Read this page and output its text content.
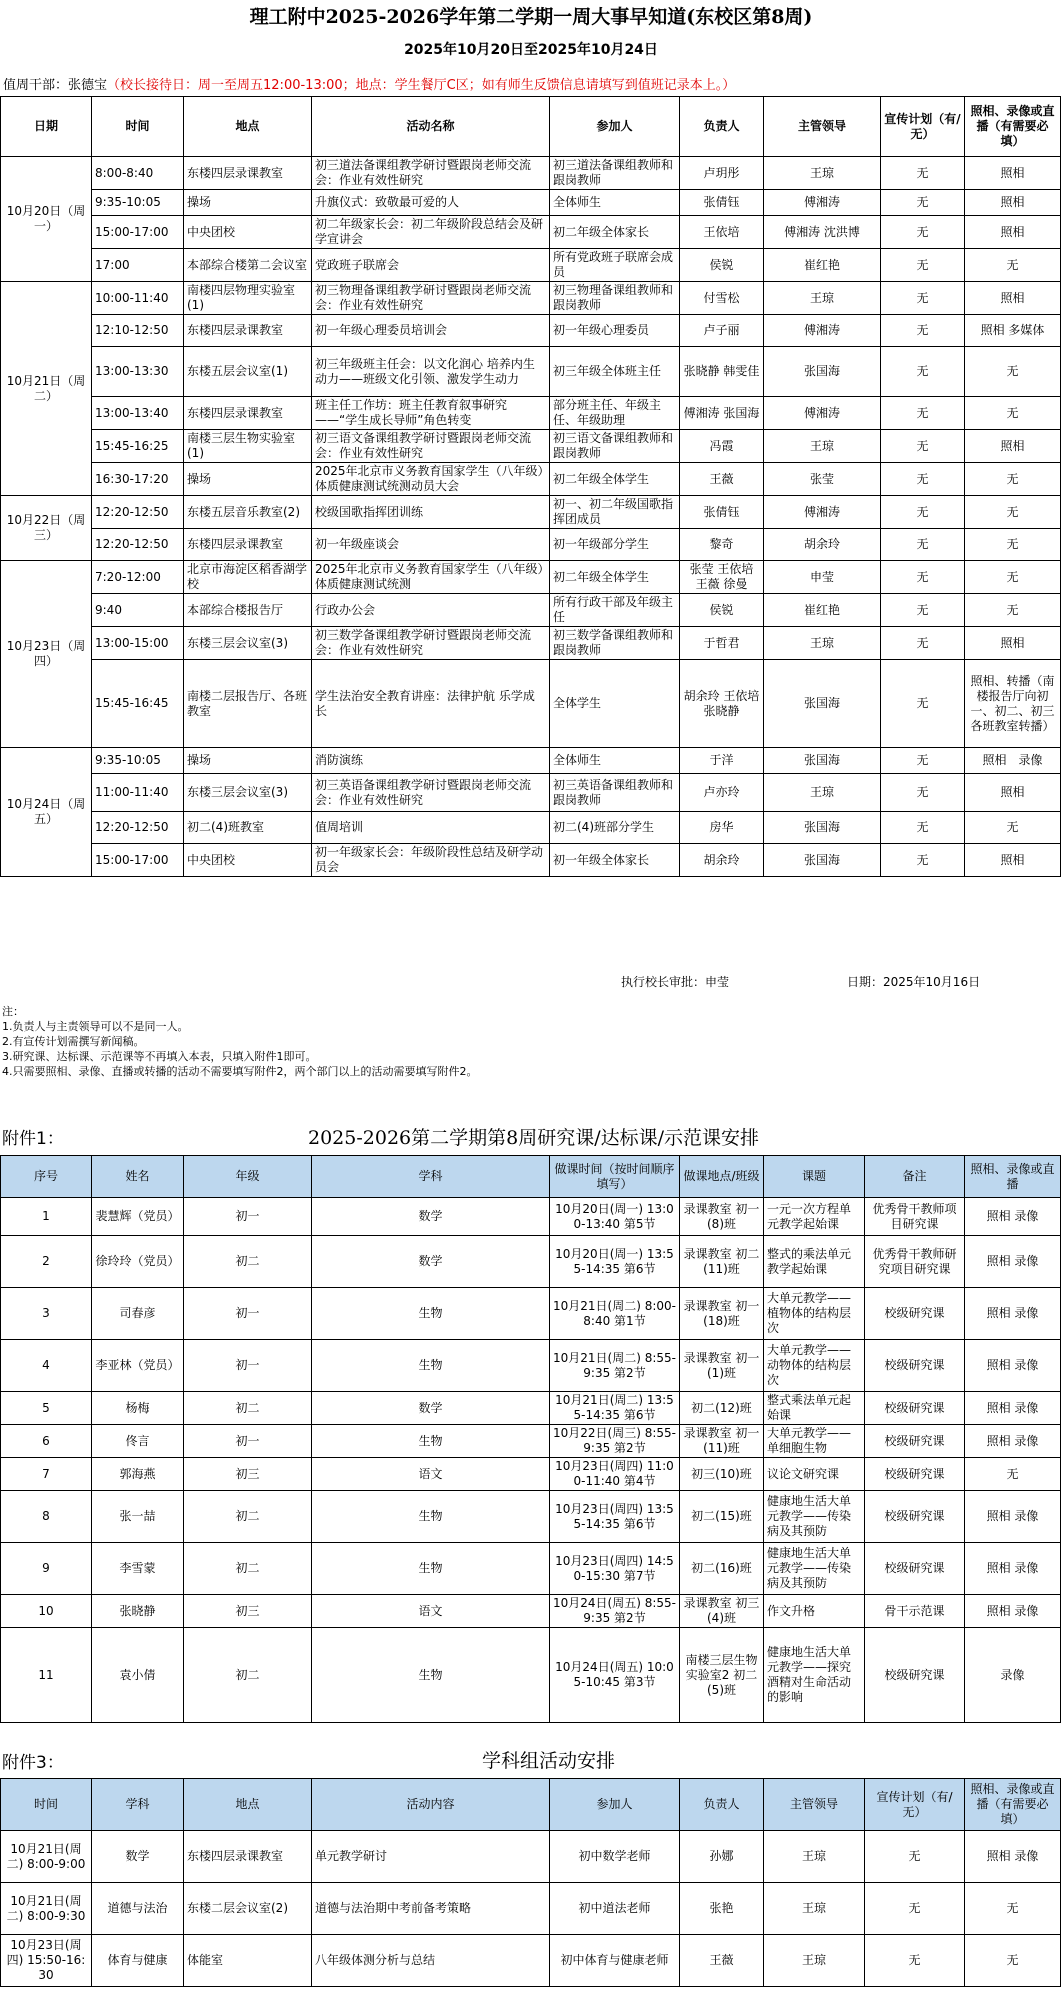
理工附中2025-2026学年第二学期一周大事早知道(东校区第8周)
2025年10月20日至2025年10月24日
值周干部：张德宝（校长接待日：周一至周五12:00-13:00；地点：学生餐厅C区；如有师生反馈信息请填写到值班记录本上。）
日期	时间	地点	活动名称	参加人	负责人	主管领导	宣传计划（有/无）	照相、录像或直播（有需要必填）
10月20日（周一）	8:00-8:40	东楼四层录课教室	初三道法备课组教学研讨暨跟岗老师交流会：作业有效性研究	初三道法备课组教师和跟岗教师	卢玥彤	王琼	无	照相
	9:35-10:05	操场	升旗仪式：致敬最可爱的人	全体师生	张倩钰	傅湘涛	无	照相
	15:00-17:00	中央团校	初二年级家长会：初二年级阶段总结会及研学宣讲会	初二年级全体家长	王依培	傅湘涛 沈洪博	无	照相
	17:00	本部综合楼第二会议室	党政班子联席会	所有党政班子联席会成员	侯锐	崔红艳	无	无
10月21日（周二）	10:00-11:40	南楼四层物理实验室(1)	初三物理备课组教学研讨暨跟岗老师交流会：作业有效性研究	初三物理备课组教师和跟岗教师	付雪松	王琼	无	照相
	12:10-12:50	东楼四层录课教室	初一年级心理委员培训会	初一年级心理委员	卢子丽	傅湘涛	无	照相 多媒体
	13:00-13:30	东楼五层会议室(1)	初三年级班主任会：以文化润心 培养内生动力——班级文化引领、激发学生动力	初三年级全体班主任	张晓静 韩雯佳	张国海	无	无
	13:00-13:40	东楼四层录课教室	班主任工作坊：班主任教育叙事研究——“学生成长导师”角色转变	部分班主任、年级主任、年级助理	傅湘涛 张国海	傅湘涛	无	无
	15:45-16:25	南楼三层生物实验室(1)	初三语文备课组教学研讨暨跟岗老师交流会：作业有效性研究	初三语文备课组教师和跟岗教师	冯霞	王琼	无	照相
	16:30-17:20	操场	2025年北京市义务教育国家学生（八年级）体质健康测试统测动员大会	初二年级全体学生	王薇	张莹	无	无
10月22日（周三）	12:20-12:50	东楼五层音乐教室(2)	校级国歌指挥团训练	初一、初二年级国歌指挥团成员	张倩钰	傅湘涛	无	无
	12:20-12:50	东楼四层录课教室	初一年级座谈会	初一年级部分学生	黎奇	胡余玲	无	无
10月23日（周四）	7:20-12:00	北京市海淀区稻香湖学校	2025年北京市义务教育国家学生（八年级）体质健康测试统测	初二年级全体学生	张莹 王依培 王薇 徐曼	申莹	无	无
	9:40	本部综合楼报告厅	行政办公会	所有行政干部及年级主任	侯锐	崔红艳	无	无
	13:00-15:00	东楼三层会议室(3)	初三数学备课组教学研讨暨跟岗老师交流会：作业有效性研究	初三数学备课组教师和跟岗教师	于哲君	王琼	无	照相
	15:45-16:45	南楼二层报告厅、各班教室	学生法治安全教育讲座：法律护航 乐学成长	全体学生	胡余玲 王依培 张晓静	张国海	无	照相、转播（南楼报告厅向初一、初二、初三各班教室转播）
10月24日（周五）	9:35-10:05	操场	消防演练	全体师生	于洋	张国海	无	照相　录像
	11:00-11:40	东楼三层会议室(3)	初三英语备课组教学研讨暨跟岗老师交流会：作业有效性研究	初三英语备课组教师和跟岗教师	卢亦玲	王琼	无	照相
	12:20-12:50	初二(4)班教室	值周培训	初二(4)班部分学生	房华	张国海	无	无
	15:00-17:00	中央团校	初一年级家长会：年级阶段性总结及研学动员会	初一年级全体家长	胡余玲	张国海	无	照相
执行校长审批：申莹	日期：2025年10月16日
注：
1.负责人与主责领导可以不是同一人。
2.有宣传计划需撰写新闻稿。
3.研究课、达标课、示范课等不再填入本表，只填入附件1即可。
4.只需要照相、录像、直播或转播的活动不需要填写附件2，两个部门以上的活动需要填写附件2。
附件1：	2025-2026第二学期第8周研究课/达标课/示范课安排
序号	姓名	年级	学科	做课时间（按时间顺序填写）	做课地点/班级	课题	备注	照相、录像或直播
1	裴慧辉（党员）	初一	数学	10月20日(周一) 13:00-13:40 第5节	录课教室 初一(8)班	一元一次方程单元教学起始课	优秀骨干教师项目研究课	照相 录像
2	徐玲玲（党员）	初二	数学	10月20日(周一) 13:55-14:35 第6节	录课教室 初二(11)班	整式的乘法单元教学起始课	优秀骨干教师研究项目研究课	照相 录像
3	司春彦	初一	生物	10月21日(周二) 8:00-8:40 第1节	录课教室 初一(18)班	大单元教学——植物体的结构层次	校级研究课	照相 录像
4	李亚林（党员）	初一	生物	10月21日(周二) 8:55-9:35 第2节	录课教室 初一(1)班	大单元教学——动物体的结构层次	校级研究课	照相 录像
5	杨梅	初二	数学	10月21日(周二) 13:55-14:35 第6节	初二(12)班	整式乘法单元起始课	校级研究课	照相 录像
6	佟言	初一	生物	10月22日(周三) 8:55-9:35 第2节	录课教室 初一(11)班	大单元教学——单细胞生物	校级研究课	照相 录像
7	郭海燕	初三	语文	10月23日(周四) 11:00-11:40 第4节	初三(10)班	议论文研究课	校级研究课	无
8	张一喆	初二	生物	10月23日(周四) 13:55-14:35 第6节	初二(15)班	健康地生活大单元教学——传染病及其预防	校级研究课	照相 录像
9	李雪蒙	初二	生物	10月23日(周四) 14:50-15:30 第7节	初二(16)班	健康地生活大单元教学——传染病及其预防	校级研究课	照相 录像
10	张晓静	初三	语文	10月24日(周五) 8:55-9:35 第2节	录课教室 初三(4)班	作文升格	骨干示范课	照相 录像
11	袁小倩	初二	生物	10月24日(周五) 10:05-10:45 第3节	南楼三层生物实验室2 初二(5)班	健康地生活大单元教学——探究酒精对生命活动的影响	校级研究课	录像
附件3：	学科组活动安排
时间	学科	地点	活动内容	参加人	负责人	主管领导	宣传计划（有/无）	照相、录像或直播（有需要必填）
10月21日(周二) 8:00-9:00	数学	东楼四层录课教室	单元教学研讨	初中数学老师	孙娜	王琼	无	照相 录像
10月21日(周二) 8:00-9:30	道德与法治	东楼二层会议室(2)	道德与法治期中考前备考策略	初中道法老师	张艳	王琼	无	无
10月23日(周四) 15:50-16:30	体育与健康	体能室	八年级体测分析与总结	初中体育与健康老师	王薇	王琼	无	无
